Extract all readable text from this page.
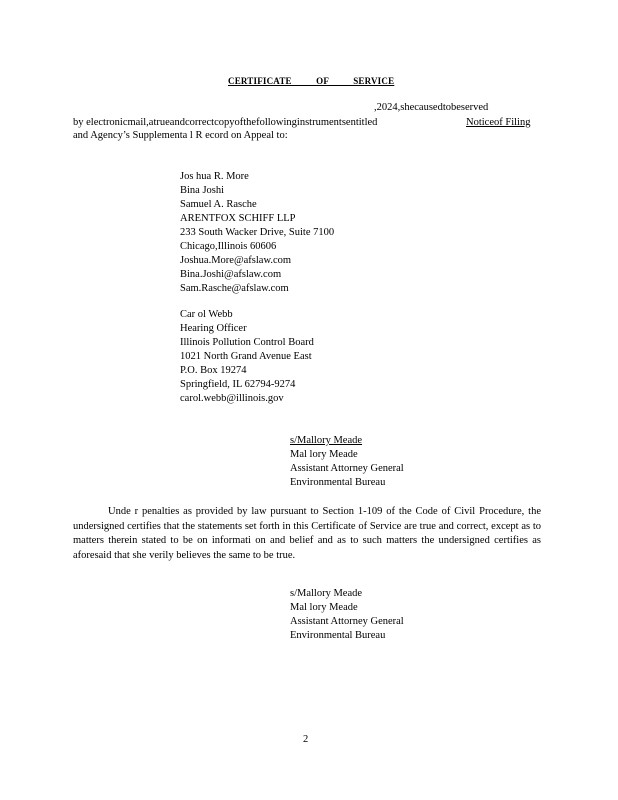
CERTIFICATE OF SERVICE
,2024,shecausedtobeserved
by electronicmail,atrueandcorrectcopyofthefollowinginstrumentsentitled	Noticeof Filing
and Agency’s Supplementa l R ecord on Appeal to:
Jos hua R. More
Bina Joshi
Samuel A. Rasche
ARENTFOX SCHIFF LLP
233 South Wacker Drive, Suite 7100
Chicago,Illinois 60606
Joshua.More@afslaw.com
Bina.Joshi@afslaw.com
Sam.Rasche@afslaw.com
Car ol Webb
Hearing Officer
Illinois Pollution Control Board
1021 North Grand Avenue East
P.O. Box 19274
Springfield, IL 62794-9274
carol.webb@illinois.gov
s/Mallory Meade
Mal lory Meade
Assistant Attorney General
Environmental Bureau
Unde r penalties as provided by law pursuant to Section 1-109 of the Code of Civil Procedure, the undersigned certifies that the statements set forth in this Certificate of Service are true and correct, except as to matters therein stated to be on informati on and belief and as to such matters the undersigned certifies as aforesaid that she verily believes the same to be true.
s/Mallory Meade
Mal lory Meade
Assistant Attorney General
Environmental Bureau
2
